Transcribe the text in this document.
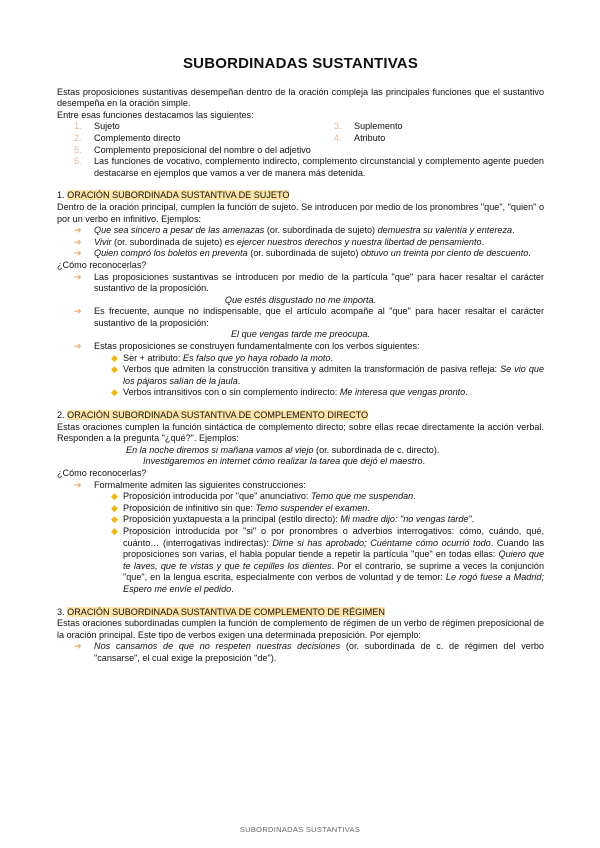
SUBORDINADAS SUSTANTIVAS

Estas proposiciones sustantivas desempeñan dentro de la oración compleja las principales funciones que el sustantivo desempeña en la oración simple.

Entre esas funciones destacamos las siguientes:

1. Sujeto	3. Suplemento
2. Complemento directo	4. Atributo
5.	Complemento preposicional del nombre o del adjetivo
6.	Las funciones de vocativo, complemento indirecto, complemento circunstancial y complemento agente pueden destacarse en ejemplos que vamos a ver de manera más detenida.
1. ORACIÓN SUBORDINADA SUSTANTIVA DE SUJETO

Dentro de la oración principal, cumplen la función de sujeto. Se introducen por medio de los pronombres "que", "quien" o por un verbo en infinitivo. Ejemplos:

➔	Que sea sincero a pesar de las amenazas (or. subordinada de sujeto) demuestra su valentía y entereza.
➔	Vivir (or. subordinada de sujeto) es ejercer nuestros derechos y nuestra libertad de pensamiento.
➔	Quien compró los boletos en preventa (or. subordinada de sujeto) obtuvo un treinta por ciento de descuento.

¿Cómo reconocerlas?

➔	Las proposiciones sustantivas se introducen por medio de la partícula "que" para hacer resaltar el carácter sustantivo de la proposición.

Que estés disgustado no me importa.

➔	Es frecuente, aunque no indispensable, que el artículo acompañe al "que" para hacer resaltar el carácter sustantivo de la proposición:

El que vengas tarde me preocupa.

➔	Estas proposiciones se construyen fundamentalmente con los verbos siguientes:
◆ Ser + atributo: Es falso que yo haya robado la moto.
◆ Verbos que admiten la construcción transitiva y admiten la transformación de pasiva refleja: Se vio que los pájaros salían de la jaula.
◆ Verbos intransitivos con o sin complemento indirecto: Me interesa que vengas pronto.
2. ORACIÓN SUBORDINADA SUSTANTIVA DE COMPLEMENTO DIRECTO

Estas oraciones cumplen la función sintáctica de complemento directo; sobre ellas recae directamente la acción verbal. Responden a la pregunta "¿qué?". Ejemplos:

En la noche diremos si mañana vamos al viejo (or. subordinada de c. directo).

Investigaremos en internet cómo realizar la tarea que dejó el maestro.

¿Cómo reconocerlas?

➔	Formalmente admiten las siguientes construcciones:
◆ Proposición introducida por "que" anunciativo: Temo que me suspendan.
◆ Proposición de infinitivo sin que: Temo suspender el examen.
◆ Proposición yuxtapuesta a la principal (estilo directo): Mi madre dijo: "no vengas tarde".
◆ Proposición introducida por "si" o por pronombres o adverbios interrogativos: cómo, cuándo, qué, cuánto… (interrogativas indirectas): Dime si has aprobado; Cuéntame cómo ocurrió todo. Cuando las proposiciones son varias, el habla popular tiende a repetir la partícula "que" en todas ellas: Quiero que te laves, que te vistas y que te cepilles los dientes. Por el contrario, se suprime a veces la conjunción "que", en la lengua escrita, especialmente con verbos de voluntad y de temor: Le rogó fuese a Madrid; Espero me envíe el pedido.
3. ORACIÓN SUBORDINADA SUSTANTIVA DE COMPLEMENTO DE RÉGIMEN

Estas oraciones subordinadas cumplen la función de complemento de régimen de un verbo de régimen preposicional de la oración principal. Este tipo de verbos exigen una determinada preposición. Por ejemplo:

➔	Nos cansamos de que no respeten nuestras decisiones (or. subordinada de c. de régimen del verbo "cansarse", el cual exige la preposición "de").
SUBORDINADAS SUSTANTIVAS
